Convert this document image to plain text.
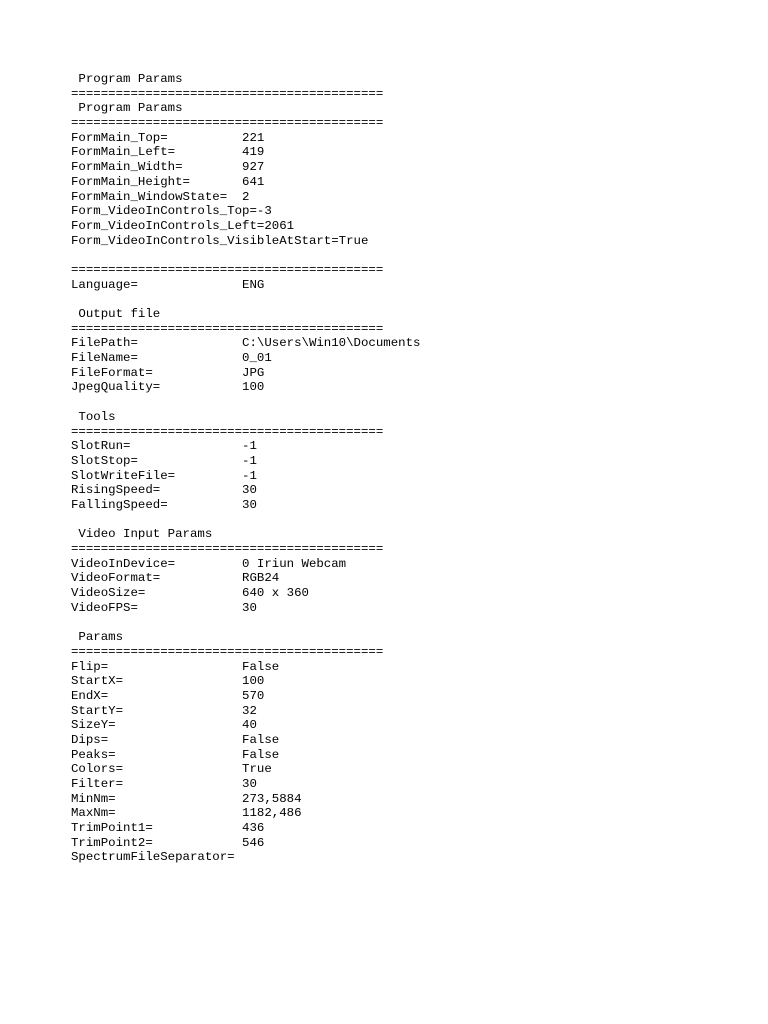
Program Params
==========================================
Program Params
==========================================
FormMain_Top=          221
FormMain_Left=         419
FormMain_Width=        927
FormMain_Height=       641
FormMain_WindowState=  2
Form_VideoInControls_Top=-3
Form_VideoInControls_Left=2061
Form_VideoInControls_VisibleAtStart=True
==========================================
Language=              ENG
Output file
==========================================
FilePath=              C:\Users\Win10\Documents
FileName=              0_01
FileFormat=            JPG
JpegQuality=           100
Tools
==========================================
SlotRun=               -1
SlotStop=              -1
SlotWriteFile=         -1
RisingSpeed=           30
FallingSpeed=          30
Video Input Params
==========================================
VideoInDevice=         0 Iriun Webcam
VideoFormat=           RGB24
VideoSize=             640 x 360
VideoFPS=              30
Params
==========================================
Flip=                  False
StartX=                100
EndX=                  570
StartY=                32
SizeY=                 40
Dips=                  False
Peaks=                 False
Colors=                True
Filter=                30
MinNm=                 273,5884
MaxNm=                 1182,486
TrimPoint1=            436
TrimPoint2=            546
SpectrumFileSeparator=
